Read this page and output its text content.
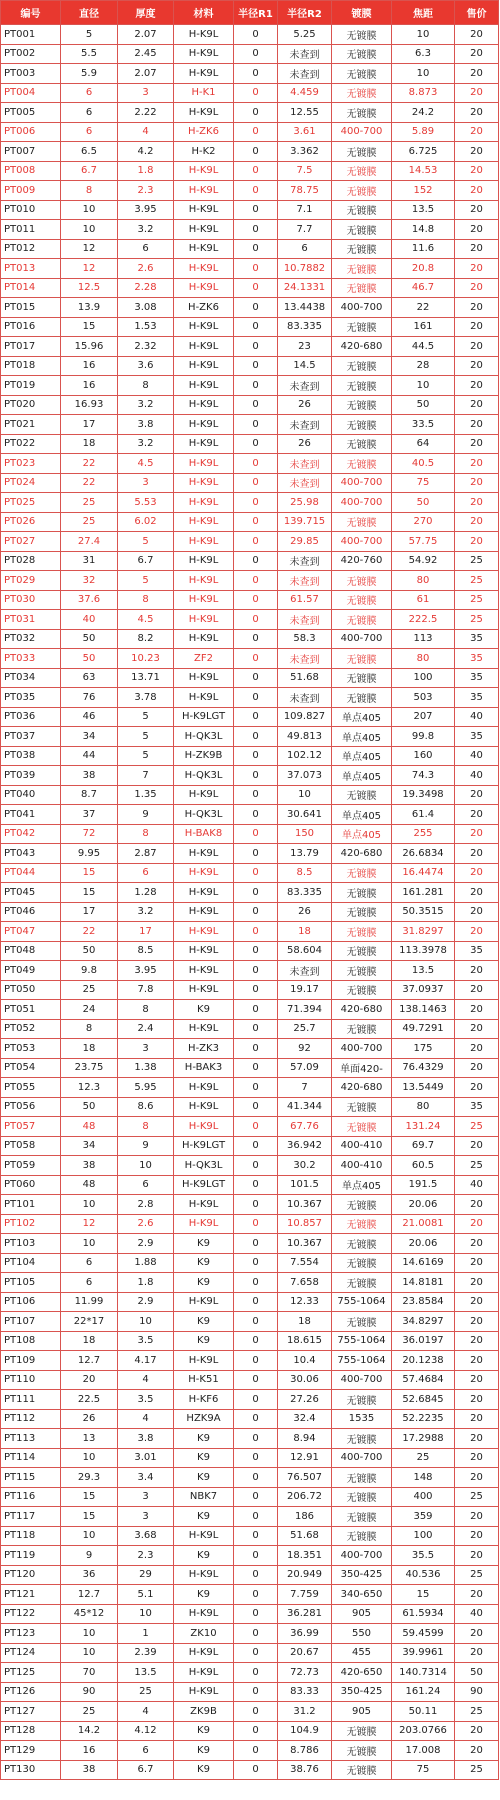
编号	直径	厚度	材料	半径R1	半径R2	镀膜	焦距	售价
PT001	5	2.07	H-K9L	0	5.25	无镀膜	10	20
PT002	5.5	2.45	H-K9L	0	未查到	无镀膜	6.3	20
PT003	5.9	2.07	H-K9L	0	未查到	无镀膜	10	20
PT004	6	3	H-K1	0	4.459	无镀膜	8.873	20
PT005	6	2.22	H-K9L	0	12.55	无镀膜	24.2	20
PT006	6	4	H-ZK6	0	3.61	400-700	5.89	20
PT007	6.5	4.2	H-K2	0	3.362	无镀膜	6.725	20
PT008	6.7	1.8	H-K9L	0	7.5	无镀膜	14.53	20
PT009	8	2.3	H-K9L	0	78.75	无镀膜	152	20
PT010	10	3.95	H-K9L	0	7.1	无镀膜	13.5	20
PT011	10	3.2	H-K9L	0	7.7	无镀膜	14.8	20
PT012	12	6	H-K9L	0	6	无镀膜	11.6	20
PT013	12	2.6	H-K9L	0	10.7882	无镀膜	20.8	20
PT014	12.5	2.28	H-K9L	0	24.1331	无镀膜	46.7	20
PT015	13.9	3.08	H-ZK6	0	13.4438	400-700	22	20
PT016	15	1.53	H-K9L	0	83.335	无镀膜	161	20
PT017	15.96	2.32	H-K9L	0	23	420-680	44.5	20
PT018	16	3.6	H-K9L	0	14.5	无镀膜	28	20
PT019	16	8	H-K9L	0	未查到	无镀膜	10	20
PT020	16.93	3.2	H-K9L	0	26	无镀膜	50	20
PT021	17	3.8	H-K9L	0	未查到	无镀膜	33.5	20
PT022	18	3.2	H-K9L	0	26	无镀膜	64	20
PT023	22	4.5	H-K9L	0	未查到	无镀膜	40.5	20
PT024	22	3	H-K9L	0	未查到	400-700	75	20
PT025	25	5.53	H-K9L	0	25.98	400-700	50	20
PT026	25	6.02	H-K9L	0	139.715	无镀膜	270	20
PT027	27.4	5	H-K9L	0	29.85	400-700	57.75	20
PT028	31	6.7	H-K9L	0	未查到	420-760	54.92	25
PT029	32	5	H-K9L	0	未查到	无镀膜	80	25
PT030	37.6	8	H-K9L	0	61.57	无镀膜	61	25
PT031	40	4.5	H-K9L	0	未查到	无镀膜	222.5	25
PT032	50	8.2	H-K9L	0	58.3	400-700	113	35
PT033	50	10.23	ZF2	0	未查到	无镀膜	80	35
PT034	63	13.71	H-K9L	0	51.68	无镀膜	100	35
PT035	76	3.78	H-K9L	0	未查到	无镀膜	503	35
PT036	46	5	H-K9LGT	0	109.827	单点405	207	40
PT037	34	5	H-QK3L	0	49.813	单点405	99.8	35
PT038	44	5	H-ZK9B	0	102.12	单点405	160	40
PT039	38	7	H-QK3L	0	37.073	单点405	74.3	40
PT040	8.7	1.35	H-K9L	0	10	无镀膜	19.3498	20
PT041	37	9	H-QK3L	0	30.641	单点405	61.4	20
PT042	72	8	H-BAK8	0	150	单点405	255	20
PT043	9.95	2.87	H-K9L	0	13.79	420-680	26.6834	20
PT044	15	6	H-K9L	0	8.5	无镀膜	16.4474	20
PT045	15	1.28	H-K9L	0	83.335	无镀膜	161.281	20
PT046	17	3.2	H-K9L	0	26	无镀膜	50.3515	20
PT047	22	17	H-K9L	0	18	无镀膜	31.8297	20
PT048	50	8.5	H-K9L	0	58.604	无镀膜	113.3978	35
PT049	9.8	3.95	H-K9L	0	未查到	无镀膜	13.5	20
PT050	25	7.8	H-K9L	0	19.17	无镀膜	37.0937	20
PT051	24	8	K9	0	71.394	420-680	138.1463	20
PT052	8	2.4	H-K9L	0	25.7	无镀膜	49.7291	20
PT053	18	3	H-ZK3	0	92	400-700	175	20
PT054	23.75	1.38	H-BAK3	0	57.09	单面420-	76.4329	20
PT055	12.3	5.95	H-K9L	0	7	420-680	13.5449	20
PT056	50	8.6	H-K9L	0	41.344	无镀膜	80	35
PT057	48	8	H-K9L	0	67.76	无镀膜	131.24	25
PT058	34	9	H-K9LGT	0	36.942	400-410	69.7	20
PT059	38	10	H-QK3L	0	30.2	400-410	60.5	25
PT060	48	6	H-K9LGT	0	101.5	单点405	191.5	40
PT101	10	2.8	H-K9L	0	10.367	无镀膜	20.06	20
PT102	12	2.6	H-K9L	0	10.857	无镀膜	21.0081	20
PT103	10	2.9	K9	0	10.367	无镀膜	20.06	20
PT104	6	1.88	K9	0	7.554	无镀膜	14.6169	20
PT105	6	1.8	K9	0	7.658	无镀膜	14.8181	20
PT106	11.99	2.9	H-K9L	0	12.33	755-1064	23.8584	20
PT107	22*17	10	K9	0	18	无镀膜	34.8297	20
PT108	18	3.5	K9	0	18.615	755-1064	36.0197	20
PT109	12.7	4.17	H-K9L	0	10.4	755-1064	20.1238	20
PT110	20	4	H-K51	0	30.06	400-700	57.4684	20
PT111	22.5	3.5	H-KF6	0	27.26	无镀膜	52.6845	20
PT112	26	4	HZK9A	0	32.4	1535	52.2235	20
PT113	13	3.8	K9	0	8.94	无镀膜	17.2988	20
PT114	10	3.01	K9	0	12.91	400-700	25	20
PT115	29.3	3.4	K9	0	76.507	无镀膜	148	20
PT116	15	3	NBK7	0	206.72	无镀膜	400	25
PT117	15	3	K9	0	186	无镀膜	359	20
PT118	10	3.68	H-K9L	0	51.68	无镀膜	100	20
PT119	9	2.3	K9	0	18.351	400-700	35.5	20
PT120	36	29	H-K9L	0	20.949	350-425	40.536	25
PT121	12.7	5.1	K9	0	7.759	340-650	15	20
PT122	45*12	10	H-K9L	0	36.281	905	61.5934	40
PT123	10	1	ZK10	0	36.99	550	59.4599	20
PT124	10	2.39	H-K9L	0	20.67	455	39.9961	20
PT125	70	13.5	H-K9L	0	72.73	420-650	140.7314	50
PT126	90	25	H-K9L	0	83.33	350-425	161.24	90
PT127	25	4	ZK9B	0	31.2	905	50.11	25
PT128	14.2	4.12	K9	0	104.9	无镀膜	203.0766	20
PT129	16	6	K9	0	8.786	无镀膜	17.008	20
PT130	38	6.7	K9	0	38.76	无镀膜	75	25
